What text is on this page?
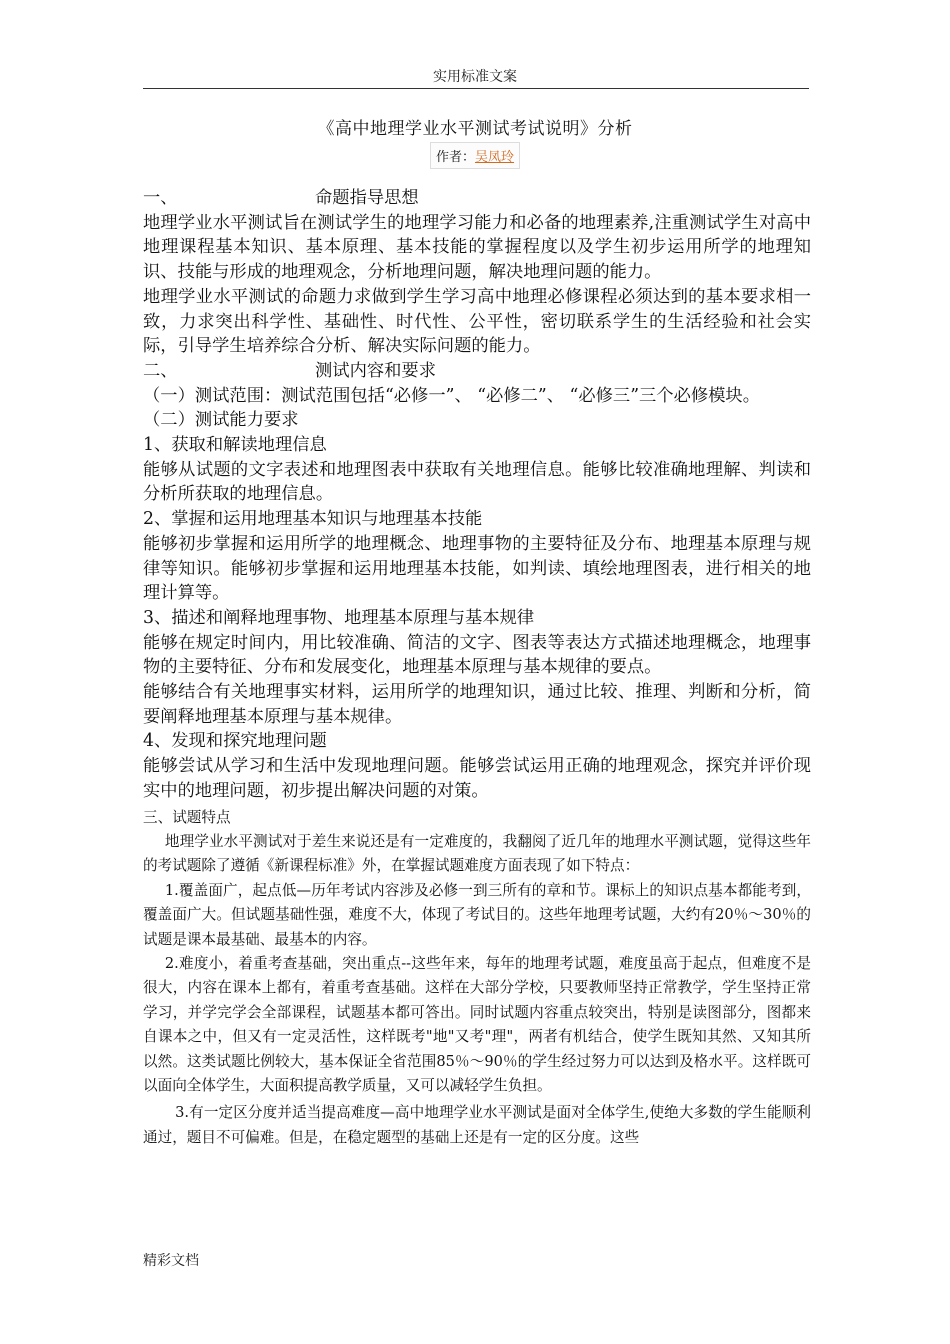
实用标准文案
《高中地理学业水平测试考试说明》分析
作者：吴凤玲
一、	命题指导思想

地理学业水平测试旨在测试学生的地理学习能力和必备的地理素养,注重测试学生对高中地理课程基本知识、基本原理、基本技能的掌握程度以及学生初步运用所学的地理知识、技能与形成的地理观念，分析地理问题，解决地理问题的能力。

地理学业水平测试的命题力求做到学生学习高中地理必修课程必须达到的基本要求相一致，力求突出科学性、基础性、时代性、公平性，密切联系学生的生活经验和社会实际，引导学生培养综合分析、解决实际问题的能力。

二、	测试内容和要求

（一）测试范围：测试范围包括“必修一”、 “必修二”、 “必修三”三个必修模块。

（二）测试能力要求

1、获取和解读地理信息

能够从试题的文字表述和地理图表中获取有关地理信息。能够比较准确地理解、判读和分析所获取的地理信息。

2、掌握和运用地理基本知识与地理基本技能

能够初步掌握和运用所学的地理概念、地理事物的主要特征及分布、地理基本原理与规律等知识。能够初步掌握和运用地理基本技能，如判读、填绘地理图表，进行相关的地理计算等。

3、描述和阐释地理事物、地理基本原理与基本规律

能够在规定时间内，用比较准确、简洁的文字、图表等表达方式描述地理概念，地理事物的主要特征、分布和发展变化，地理基本原理与基本规律的要点。

能够结合有关地理事实材料，运用所学的地理知识，通过比较、推理、判断和分析，简要阐释地理基本原理与基本规律。

4、发现和探究地理问题

能够尝试从学习和生活中发现地理问题。能够尝试运用正确的地理观念，探究并评价现实中的地理问题，初步提出解决问题的对策。

三、试题特点

地理学业水平测试对于差生来说还是有一定难度的，我翻阅了近几年的地理水平测试题，觉得这些年的考试题除了遵循《新课程标准》外，在掌握试题难度方面表现了如下特点：

1.覆盖面广，起点低—历年考试内容涉及必修一到三所有的章和节。课标上的知识点基本都能考到，覆盖面广大。但试题基础性强，难度不大，体现了考试目的。这些年地理考试题，大约有20％～30％的试题是课本最基础、最基本的内容。

2.难度小，着重考查基础，突出重点--这些年来，每年的地理考试题，难度虽高于起点，但难度不是很大，内容在课本上都有，着重考查基础。这样在大部分学校，只要教师坚持正常教学，学生坚持正常学习，并学完学会全部课程，试题基本都可答出。同时试题内容重点较突出，特别是读图部分，图都来自课本之中，但又有一定灵活性，这样既考"地"又考"理"，两者有机结合，使学生既知其然、又知其所以然。这类试题比例较大，基本保证全省范围85％～90％的学生经过努力可以达到及格水平。这样既可以面向全体学生，大面积提高教学质量，又可以减轻学生负担。

3.有一定区分度并适当提高难度—高中地理学业水平测试是面对全体学生,使绝大多数的学生能顺利通过，题目不可偏难。但是，在稳定题型的基础上还是有一定的区分度。这些

精彩文档
